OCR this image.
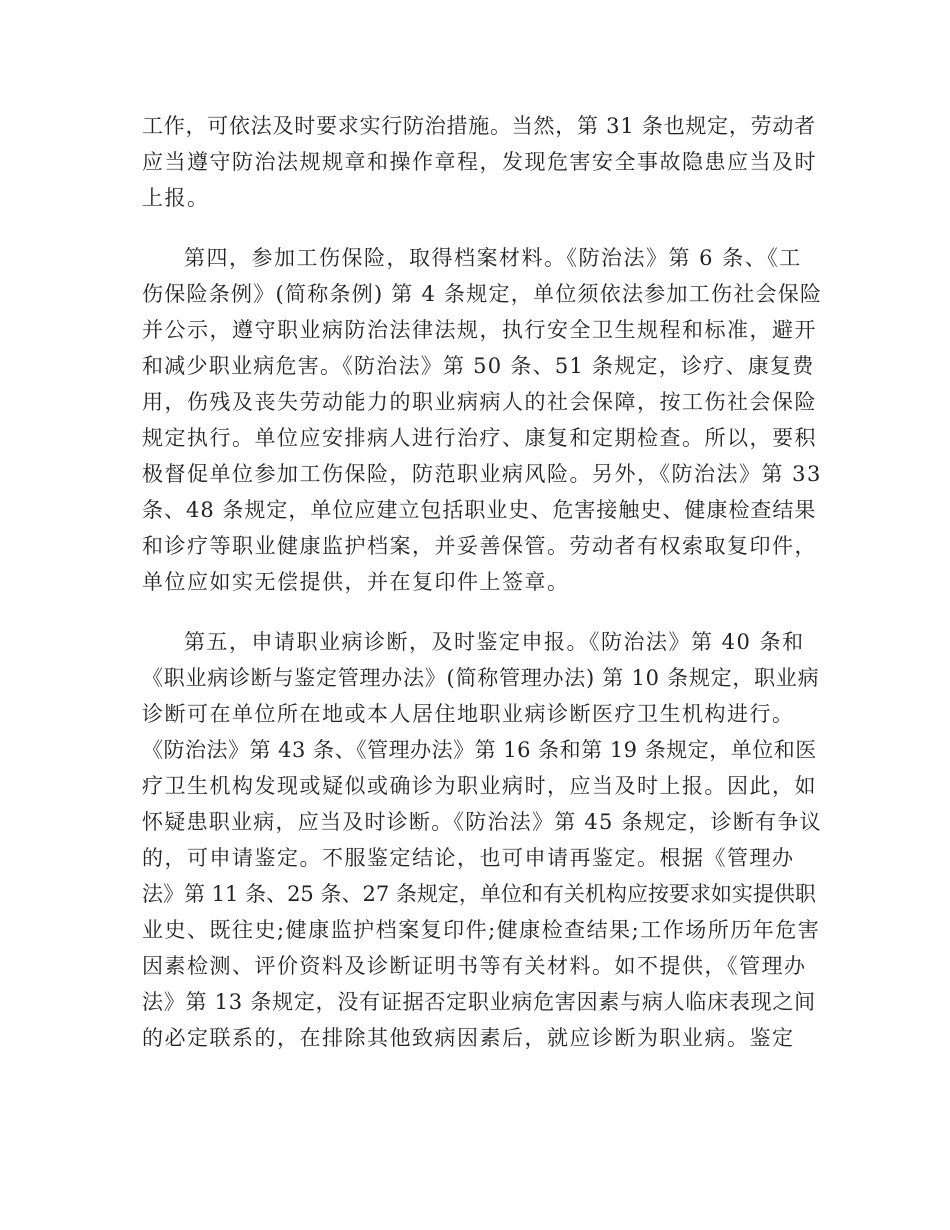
工作，可依法及时要求实行防治措施。当然，第 31 条也规定，劳动者
应当遵守防治法规规章和操作章程，发现危害安全事故隐患应当及时
上报。
第四，参加工伤保险，取得档案材料。《防治法》第 6 条、《工
伤保险条例》(简称条例) 第 4 条规定，单位须依法参加工伤社会保险
并公示，遵守职业病防治法律法规，执行安全卫生规程和标准，避开
和减少职业病危害。《防治法》第 50 条、51 条规定，诊疗、康复费
用，伤残及丧失劳动能力的职业病病人的社会保障，按工伤社会保险
规定执行。单位应安排病人进行治疗、康复和定期检查。所以，要积
极督促单位参加工伤保险，防范职业病风险。另外，《防治法》第 33
条、48 条规定，单位应建立包括职业史、危害接触史、健康检查结果
和诊疗等职业健康监护档案，并妥善保管。劳动者有权索取复印件，
单位应如实无偿提供，并在复印件上签章。
第五，申请职业病诊断，及时鉴定申报。《防治法》第 40 条和
《职业病诊断与鉴定管理办法》(简称管理办法) 第 10 条规定，职业病
诊断可在单位所在地或本人居住地职业病诊断医疗卫生机构进行。
《防治法》第 43 条、《管理办法》第 16 条和第 19 条规定，单位和医
疗卫生机构发现或疑似或确诊为职业病时，应当及时上报。因此，如
怀疑患职业病，应当及时诊断。《防治法》第 45 条规定，诊断有争议
的，可申请鉴定。不服鉴定结论，也可申请再鉴定。根据《管理办
法》第 11 条、25 条、27 条规定，单位和有关机构应按要求如实提供职
业史、既往史;健康监护档案复印件;健康检查结果;工作场所历年危害
因素检测、评价资料及诊断证明书等有关材料。如不提供，《管理办
法》第 13 条规定，没有证据否定职业病危害因素与病人临床表现之间
的必定联系的，在排除其他致病因素后，就应诊断为职业病。鉴定
